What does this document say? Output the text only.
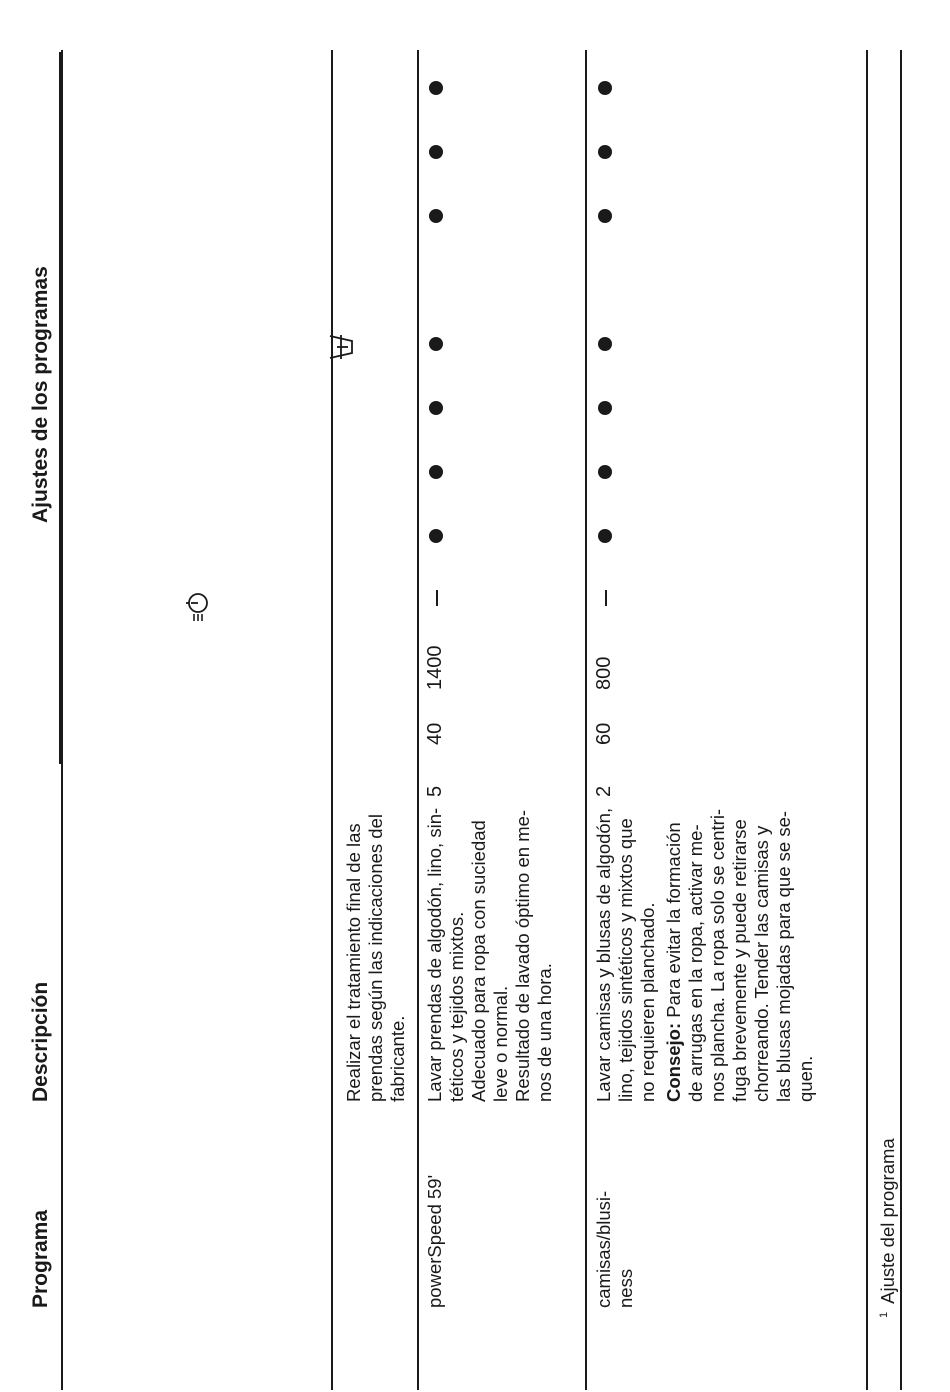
Programa
Descripción
Ajustes de los programas
Realizar el tratamiento final de las prendas según las indicaciones del fabricante.
powerSpeed 59'
Lavar prendas de algodón, lino, sin- téticos y tejidos mixtos. Adecuado para ropa con suciedad leve o normal. Resultado de lavado óptimo en me- nos de una hora.
5
40
1400
camisas/blusi- ness
Lavar camisas y blusas de algodón, lino, tejidos sintéticos y mixtos que no requieren planchado. Consejo: Para evitar la formación de arrugas en la ropa, activar me- nos plancha. La ropa solo se centri- fuga brevemente y puede retirarse chorreando. Tender las camisas y las blusas mojadas para que se se- quen.
2
60
800
$^1$Ajuste del programa
